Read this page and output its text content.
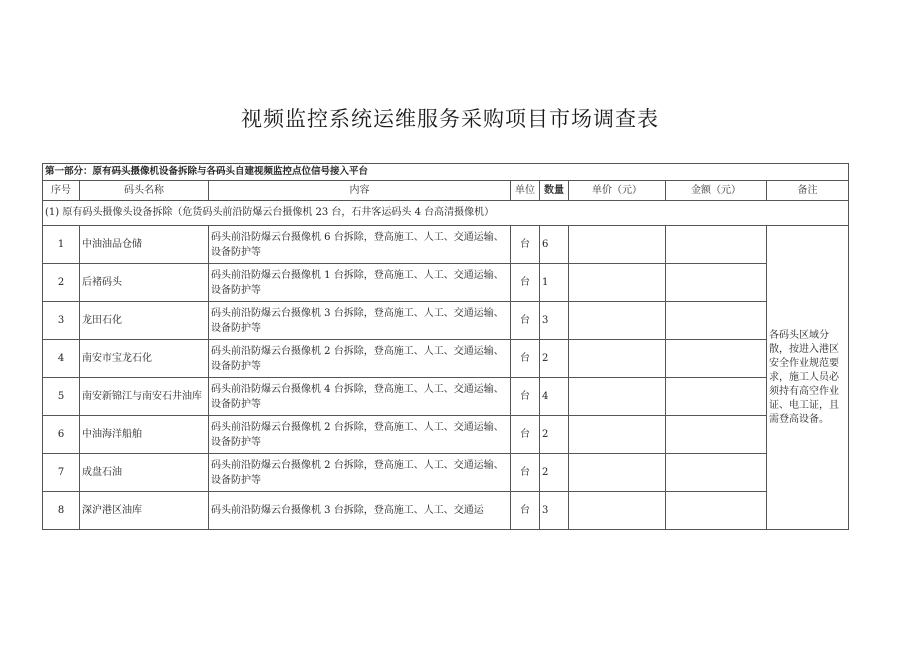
视频监控系统运维服务采购项目市场调查表
第一部分：原有码头摄像机设备拆除与各码头自建视频监控点位信号接入平台							
序号	码头名称	内容	单位	数量	单价（元）	金额（元）	备注
(1) 原有码头摄像头设备拆除（危货码头前沿防爆云台摄像机 23 台，石井客运码头 4 台高清摄像机）							
1	中油油品仓储	码头前沿防爆云台摄像机 6 台拆除，登高施工、人工、交通运输、设备防护等	台	6			各码头区域分散，按进入港区安全作业规范要求，施工人员必须持有高空作业证、电工证，且需登高设备。
2	后褚码头	码头前沿防爆云台摄像机 1 台拆除，登高施工、人工、交通运输、设备防护等	台	1			
3	龙田石化	码头前沿防爆云台摄像机 3 台拆除，登高施工、人工、交通运输、设备防护等	台	3			
4	南安市宝龙石化	码头前沿防爆云台摄像机 2 台拆除，登高施工、人工、交通运输、设备防护等	台	2			
5	南安新锦江与南安石井油库	码头前沿防爆云台摄像机 4 台拆除，登高施工、人工、交通运输、设备防护等	台	4			
6	中油海洋船舶	码头前沿防爆云台摄像机 2 台拆除，登高施工、人工、交通运输、设备防护等	台	2			
7	成盘石油	码头前沿防爆云台摄像机 2 台拆除，登高施工、人工、交通运输、设备防护等	台	2			
8	深沪港区油库	码头前沿防爆云台摄像机 3 台拆除，登高施工、人工、交通运	台	3			
